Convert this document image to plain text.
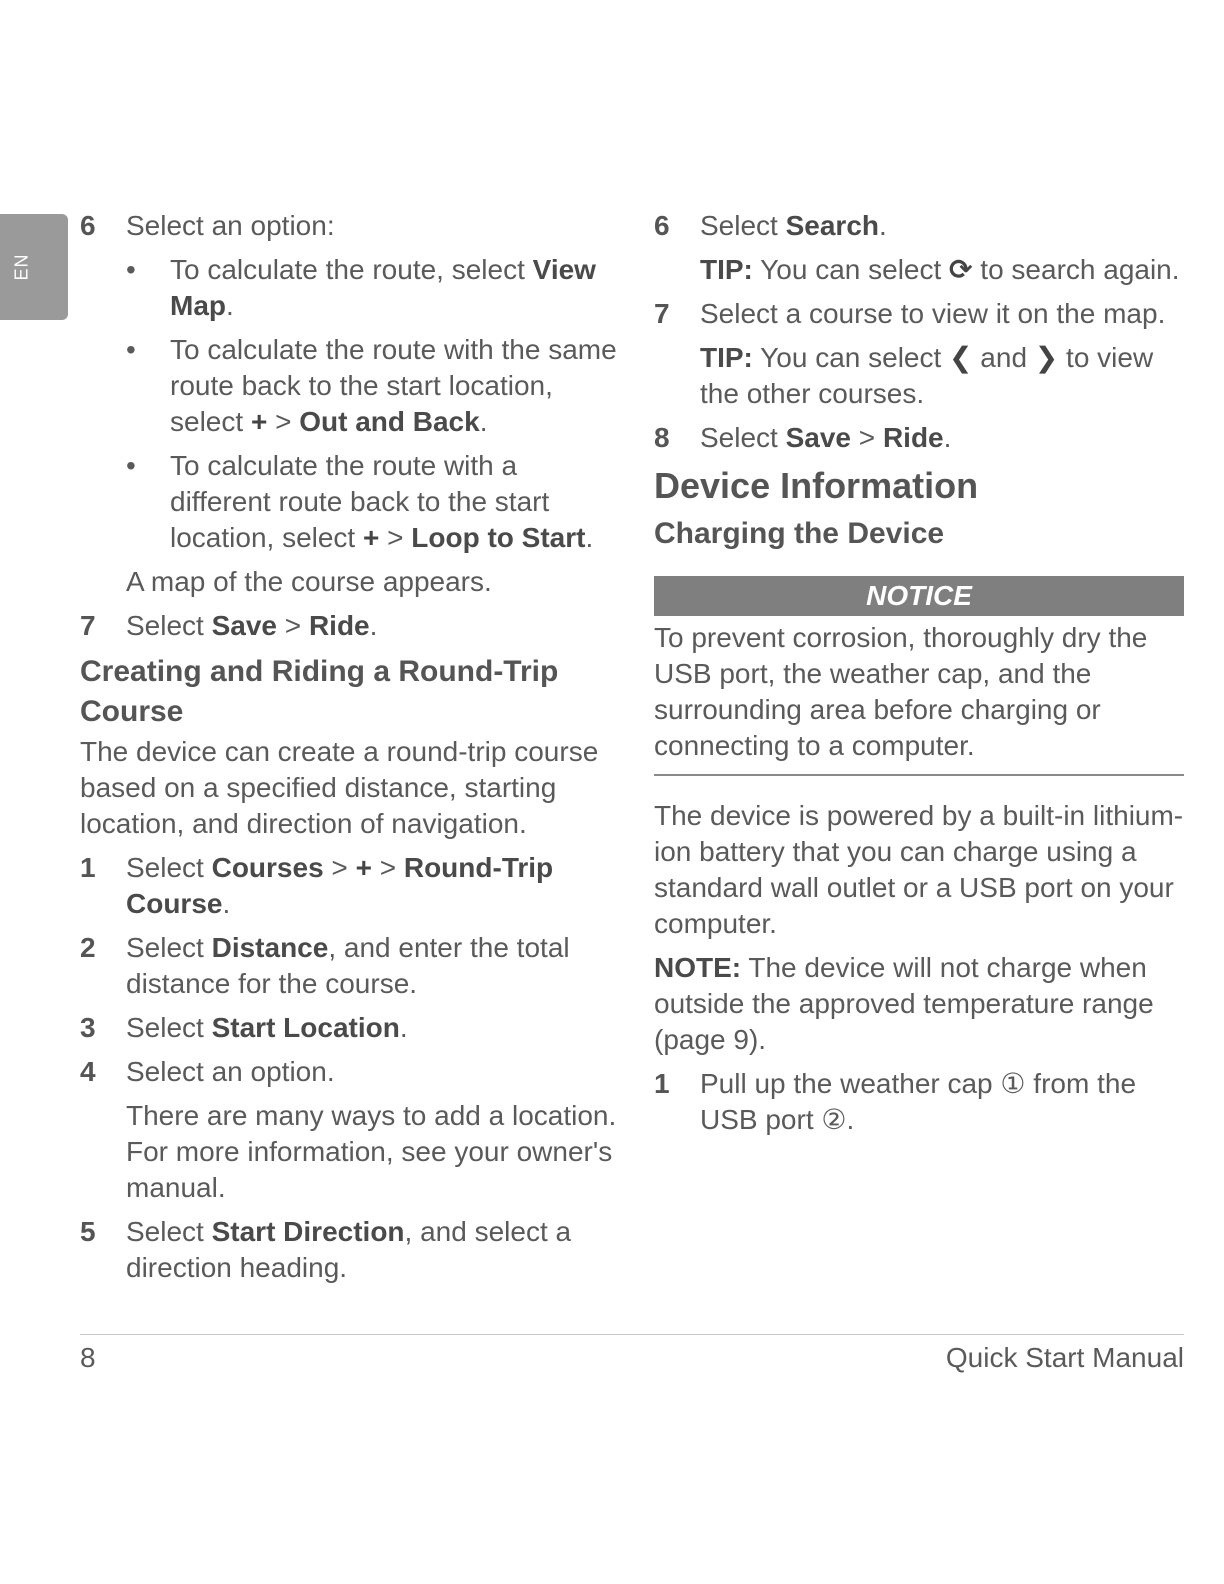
EN
6 Select an option:
• To calculate the route, select View Map.
• To calculate the route with the same route back to the start location, select + > Out and Back.
• To calculate the route with a different route back to the start location, select + > Loop to Start.
A map of the course appears.
7 Select Save > Ride.
Creating and Riding a Round-Trip Course
The device can create a round-trip course based on a specified distance, starting location, and direction of navigation.
1 Select Courses > + > Round-Trip Course.
2 Select Distance, and enter the total distance for the course.
3 Select Start Location.
4 Select an option.
There are many ways to add a location. For more information, see your owner's manual.
5 Select Start Direction, and select a direction heading.
6 Select Search.
TIP: You can select ⟳ to search again.
7 Select a course to view it on the map.
TIP: You can select ❮ and ❯ to view the other courses.
8 Select Save > Ride.
Device Information
Charging the Device
NOTICE
To prevent corrosion, thoroughly dry the USB port, the weather cap, and the surrounding area before charging or connecting to a computer.
The device is powered by a built-in lithium-ion battery that you can charge using a standard wall outlet or a USB port on your computer.
NOTE: The device will not charge when outside the approved temperature range (page 9).
1 Pull up the weather cap ① from the USB port ②.
8	Quick Start Manual
